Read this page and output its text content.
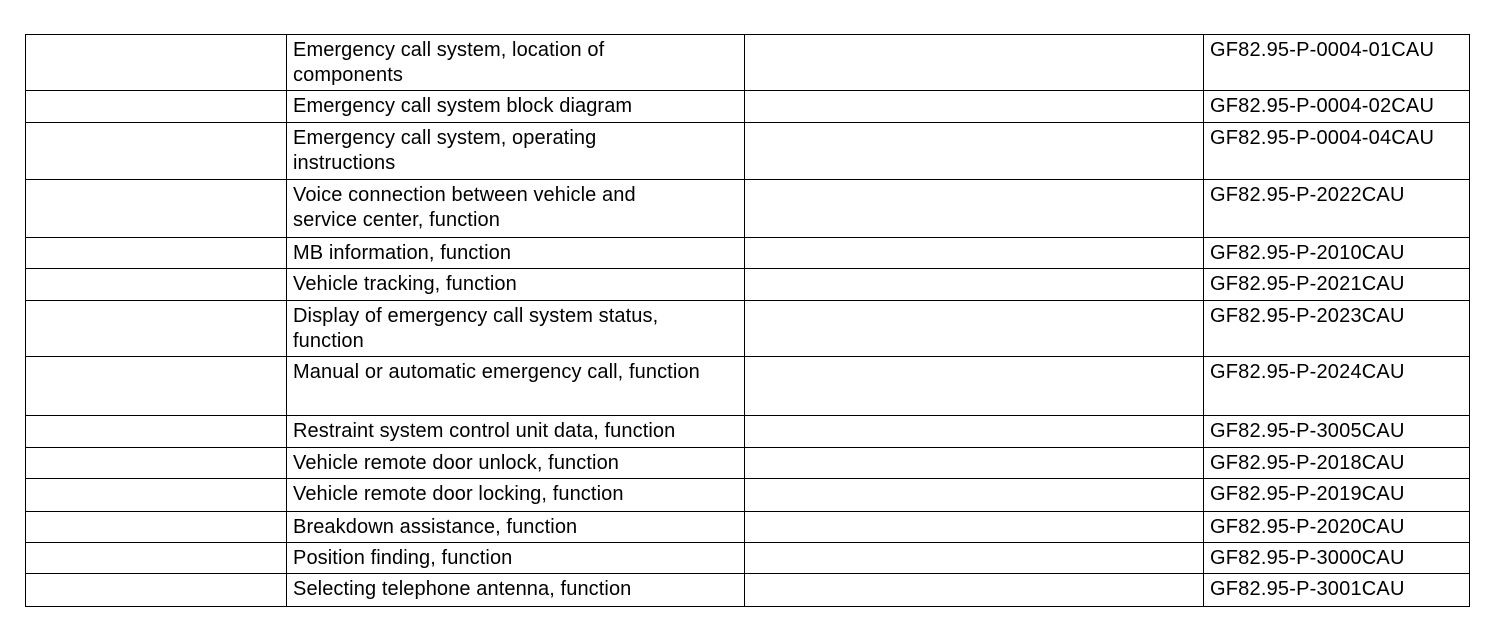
	Emergency call system, location of components		GF82.95-P-0004-01CAU

	Emergency call system block diagram		GF82.95-P-0004-02CAU

	Emergency call system, operating instructions		GF82.95-P-0004-04CAU

	Voice connection between vehicle and service center, function		GF82.95-P-2022CAU

	MB information, function		GF82.95-P-2010CAU

	Vehicle tracking, function		GF82.95-P-2021CAU

	Display of emergency call system status, function		GF82.95-P-2023CAU

	Manual or automatic emergency call, function		GF82.95-P-2024CAU

	Restraint system control unit data, function		GF82.95-P-3005CAU

	Vehicle remote door unlock, function		GF82.95-P-2018CAU

	Vehicle remote door locking, function		GF82.95-P-2019CAU

	Breakdown assistance, function		GF82.95-P-2020CAU

	Position finding, function		GF82.95-P-3000CAU

	Selecting telephone antenna, function		GF82.95-P-3001CAU
